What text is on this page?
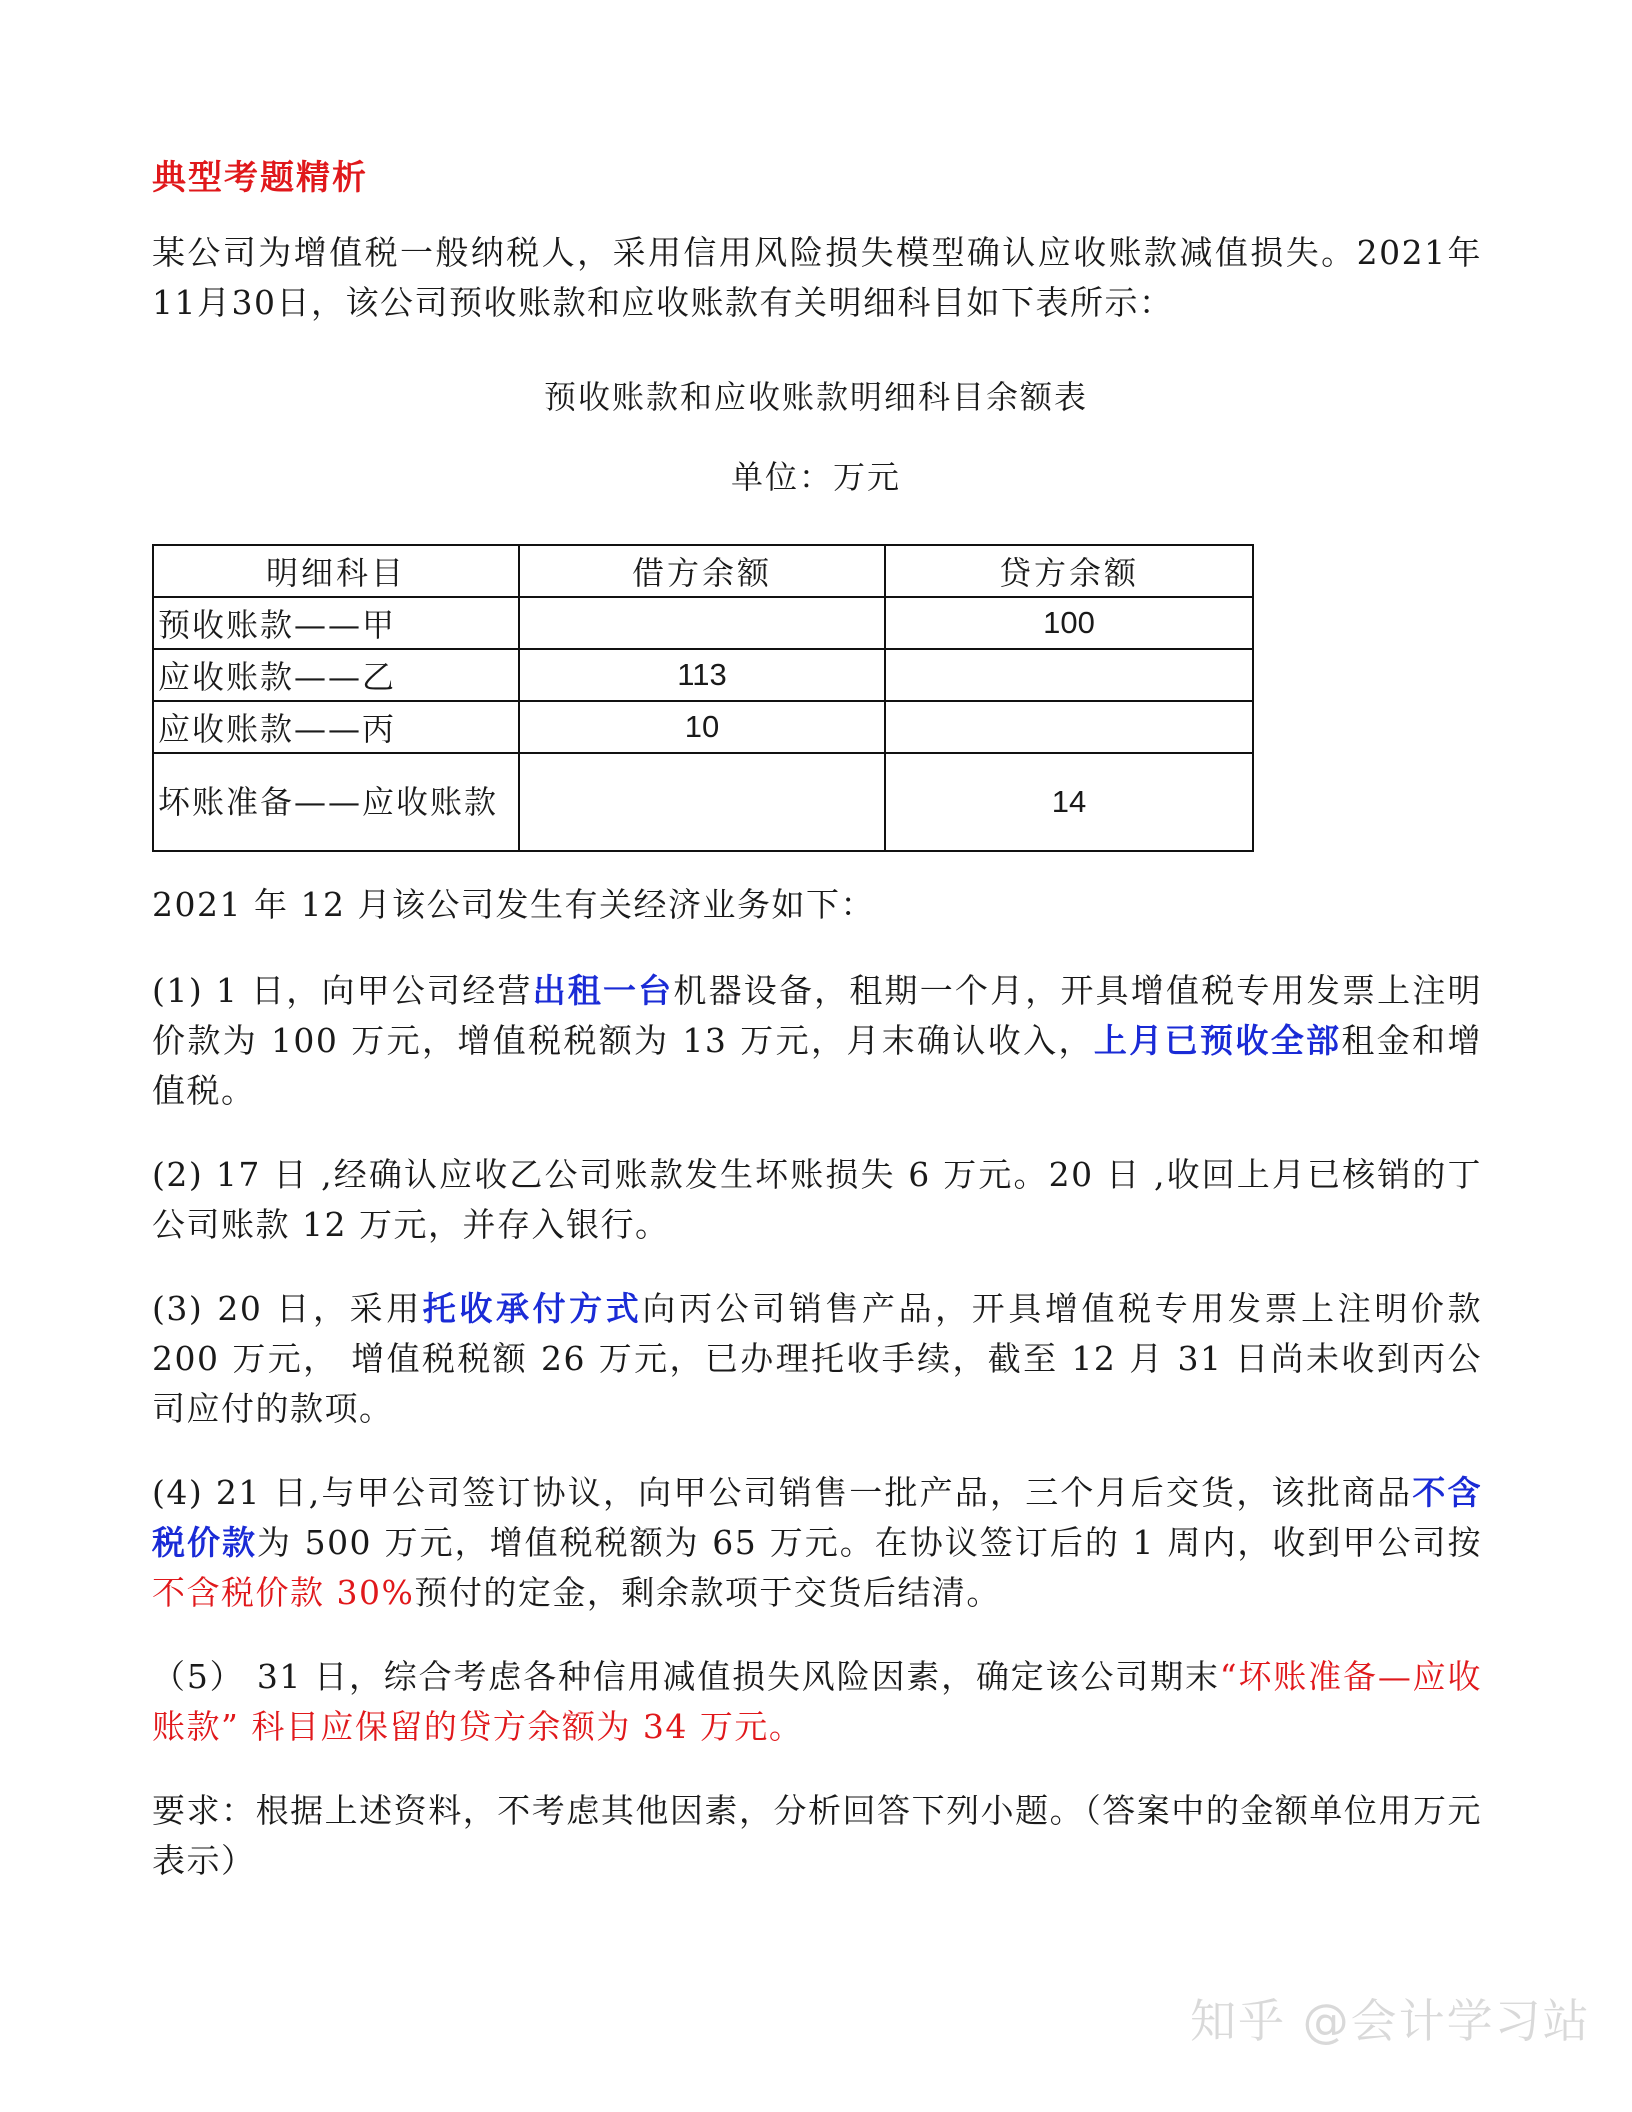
典型考题精析

某公司为增值税一般纳税人，采用信用风险损失模型确认应收账款减值损失。2021年11月30日，该公司预收账款和应收账款有关明细科目如下表所示：

预收账款和应收账款明细科目余额表
单位：万元
明细科目	借方余额	贷方余额
预收账款——甲		100
应收账款——乙	113	
应收账款——丙	10	
坏账准备——应收账款		14

2021 年 12 月该公司发生有关经济业务如下：

(1) 1 日，向甲公司经营出租一台机器设备，租期一个月，开具增值税专用发票上注明价款为 100 万元，增值税税额为 13 万元，月末确认收入，上月已预收全部租金和增值税。

(2) 17 日 ,经确认应收乙公司账款发生坏账损失 6 万元。20 日 ,收回上月已核销的丁公司账款 12 万元，并存入银行。

(3) 20 日，采用托收承付方式向丙公司销售产品，开具增值税专用发票上注明价款 200 万元， 增值税税额 26 万元，已办理托收手续，截至 12 月 31 日尚未收到丙公司应付的款项。

(4) 21 日,与甲公司签订协议，向甲公司销售一批产品，三个月后交货，该批商品不含税价款为 500 万元，增值税税额为 65 万元。在协议签订后的 1 周内，收到甲公司按不含税价款 30%预付的定金，剩余款项于交货后结清。

（5） 31 日，综合考虑各种信用减值损失风险因素，确定该公司期末“坏账准备—应收账款” 科目应保留的贷方余额为 34 万元。

要求：根据上述资料，不考虑其他因素，分析回答下列小题。（答案中的金额单位用万元表示）

知乎 @会计学习站
